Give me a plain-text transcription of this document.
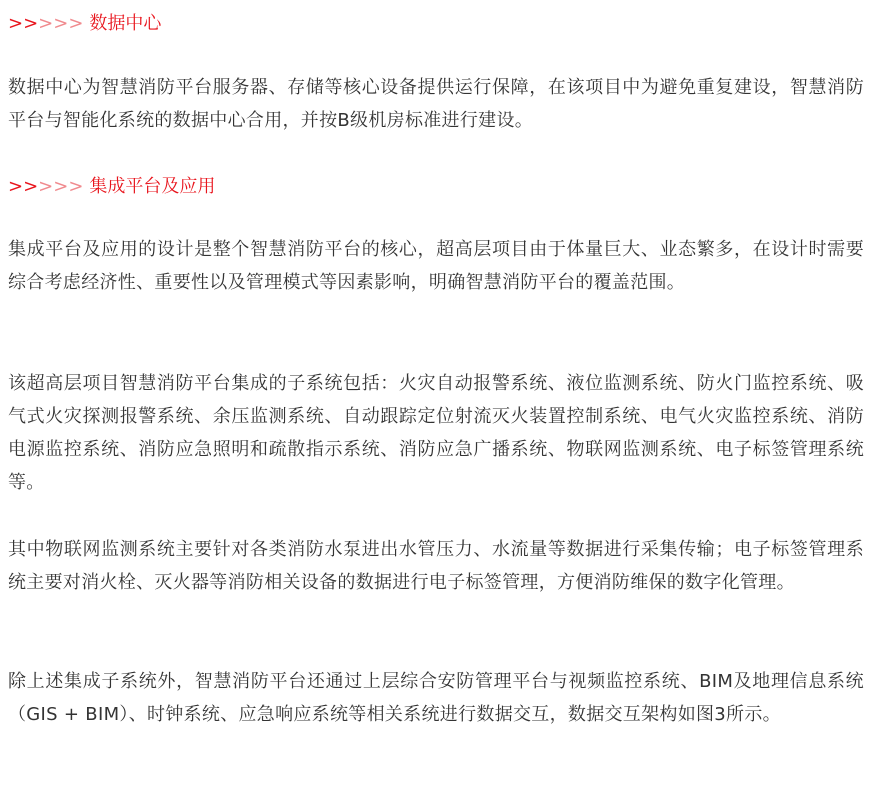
>>>>> 数据中心

数据中心为智慧消防平台服务器、存储等核心设备提供运行保障，在该项目中为避免重复建设，智慧消防平台与智能化系统的数据中心合用，并按B级机房标准进行建设。

>>>>> 集成平台及应用

集成平台及应用的设计是整个智慧消防平台的核心，超高层项目由于体量巨大、业态繁多，在设计时需要综合考虑经济性、重要性以及管理模式等因素影响，明确智慧消防平台的覆盖范围。

该超高层项目智慧消防平台集成的子系统包括：火灾自动报警系统、液位监测系统、防火门监控系统、吸气式火灾探测报警系统、余压监测系统、自动跟踪定位射流灭火装置控制系统、电气火灾监控系统、消防电源监控系统、消防应急照明和疏散指示系统、消防应急广播系统、物联网监测系统、电子标签管理系统等。

其中物联网监测系统主要针对各类消防水泵进出水管压力、水流量等数据进行采集传输；电子标签管理系统主要对消火栓、灭火器等消防相关设备的数据进行电子标签管理，方便消防维保的数字化管理。

除上述集成子系统外，智慧消防平台还通过上层综合安防管理平台与视频监控系统、BIM及地理信息系统（GIS + BIM）、时钟系统、应急响应系统等相关系统进行数据交互，数据交互架构如图3所示。
